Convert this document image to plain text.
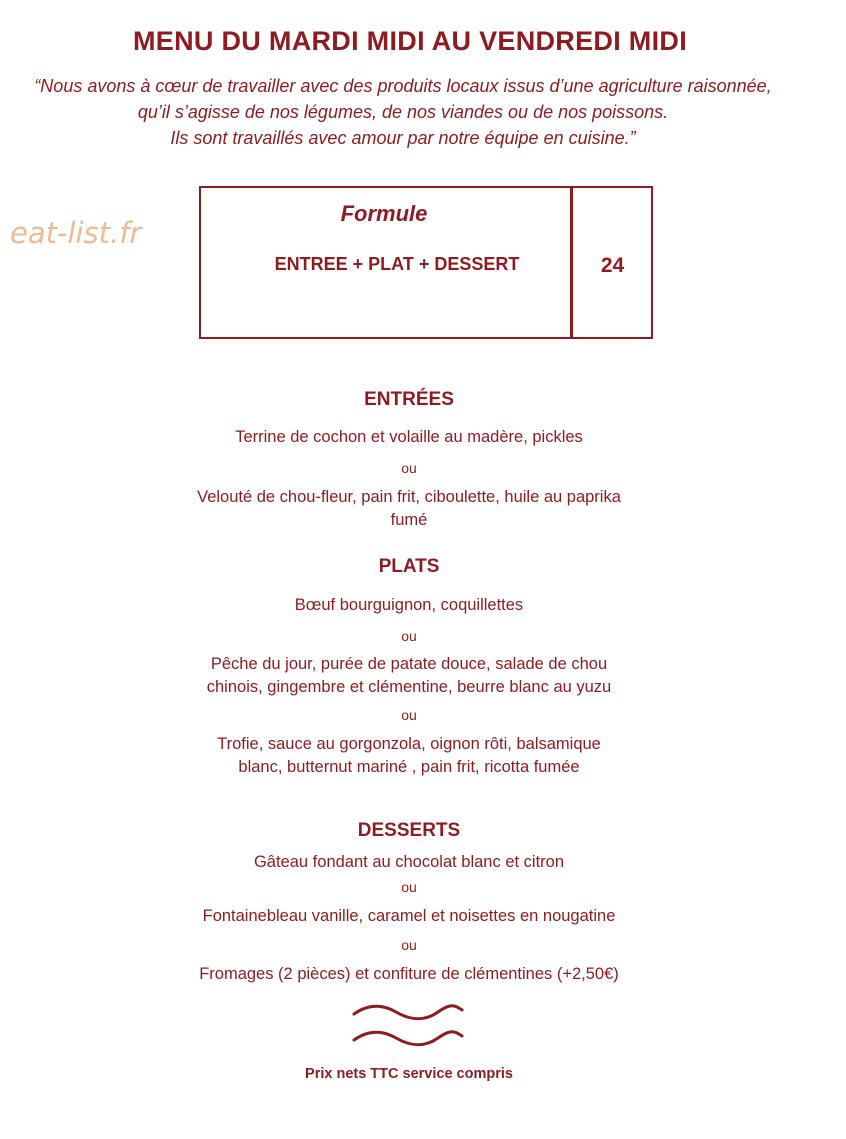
MENU DU MARDI MIDI AU VENDREDI MIDI
“Nous avons à cœur de travailler avec des produits locaux issus d’une agriculture raisonnée,
qu’il s’agisse de nos légumes, de nos viandes ou de nos poissons.
Ils sont travaillés avec amour par notre équipe en cuisine.”
eat-list.fr
Formule
ENTREE + PLAT + DESSERT	24
ENTRÉES
Terrine de cochon et volaille au madère, pickles
ou
Velouté de chou-fleur, pain frit, ciboulette, huile au paprika
fumé
PLATS
Bœuf bourguignon, coquillettes
ou
Pêche du jour, purée de patate douce, salade de chou
chinois, gingembre et clémentine, beurre blanc au yuzu
ou
Trofie, sauce au gorgonzola, oignon rôti, balsamique
blanc, butternut mariné , pain frit, ricotta fumée
DESSERTS
Gâteau fondant au chocolat blanc et citron
ou
Fontainebleau vanille, caramel et noisettes en nougatine
ou
Fromages (2 pièces) et confiture de clémentines (+2,50€)
Prix nets TTC service compris
